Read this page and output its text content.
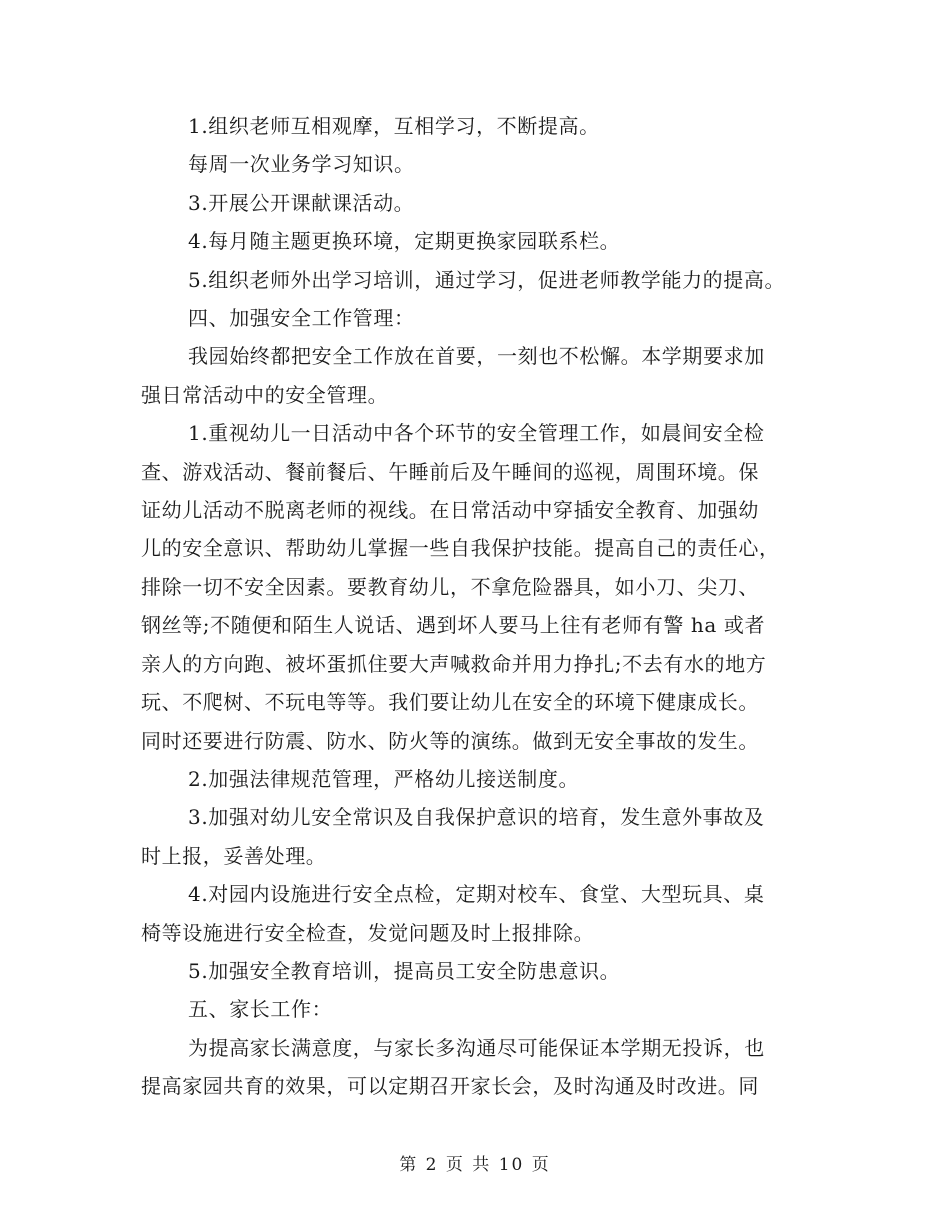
1.组织老师互相观摩，互相学习，不断提高。

每周一次业务学习知识。

3.开展公开课献课活动。

4.每月随主题更换环境，定期更换家园联系栏。

5.组织老师外出学习培训，通过学习，促进老师教学能力的提高。

四、加强安全工作管理：

我园始终都把安全工作放在首要，一刻也不松懈。本学期要求加
强日常活动中的安全管理。

1.重视幼儿一日活动中各个环节的安全管理工作，如晨间安全检
查、游戏活动、餐前餐后、午睡前后及午睡间的巡视，周围环境。保
证幼儿活动不脱离老师的视线。在日常活动中穿插安全教育、加强幼
儿的安全意识、帮助幼儿掌握一些自我保护技能。提高自己的责任心，
排除一切不安全因素。要教育幼儿，不拿危险器具，如小刀、尖刀、
钢丝等;不随便和陌生人说话、遇到坏人要马上往有老师有警 ha 或者
亲人的方向跑、被坏蛋抓住要大声喊救命并用力挣扎;不去有水的地方
玩、不爬树、不玩电等等。我们要让幼儿在安全的环境下健康成长。
同时还要进行防震、防水、防火等的演练。做到无安全事故的发生。

2.加强法律规范管理，严格幼儿接送制度。

3.加强对幼儿安全常识及自我保护意识的培育，发生意外事故及
时上报，妥善处理。

4.对园内设施进行安全点检，定期对校车、食堂、大型玩具、桌
椅等设施进行安全检查，发觉问题及时上报排除。

5.加强安全教育培训，提高员工安全防患意识。

五、家长工作：

为提高家长满意度，与家长多沟通尽可能保证本学期无投诉，也
提高家园共育的效果，可以定期召开家长会，及时沟通及时改进。同

第 2 页 共 10 页
